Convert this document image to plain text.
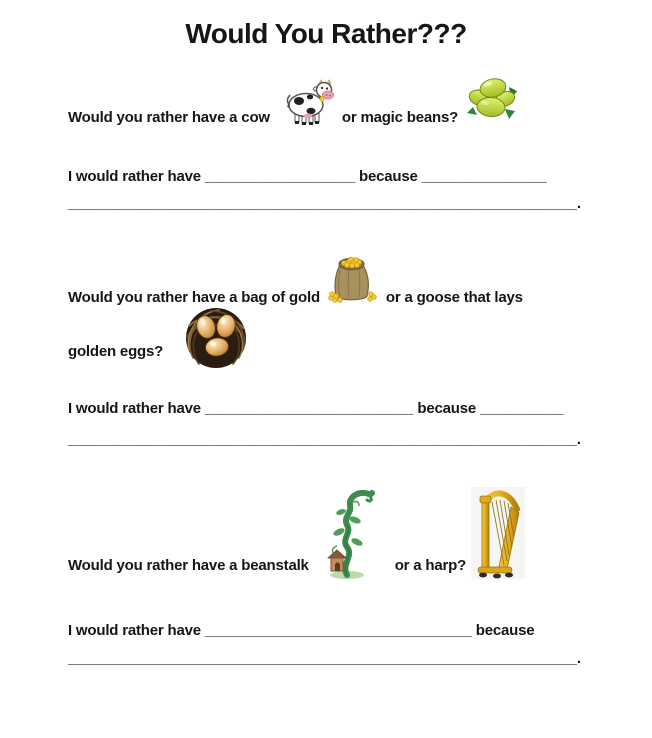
Would You Rather???
Would you rather have a cow	or magic beans?
I would rather have __________________ because _______________
_____________________________________________________________.
Would you rather have a bag of gold	or a goose that lays
golden eggs?
I would rather have _________________________ because __________
_____________________________________________________________.
Would you rather have a beanstalk	or a harp?
I would rather have ________________________________ because
_____________________________________________________________.
